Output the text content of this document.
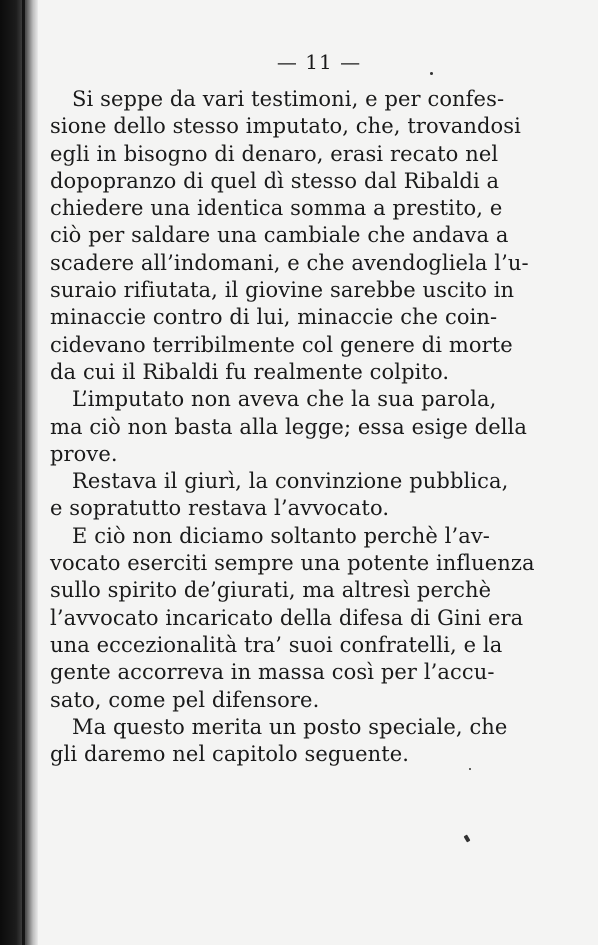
— 11 —
Si seppe da vari testimoni, e per confes-
sione dello stesso imputato, che, trovandosi
egli in bisogno di denaro, erasi recato nel
dopopranzo di quel dì stesso dal Ribaldi a
chiedere una identica somma a prestito, e
ciò per saldare una cambiale che andava a
scadere all’indomani, e che avendogliela l’u-
suraio rifiutata, il giovine sarebbe uscito in
minaccie contro di lui, minaccie che coin-
cidevano terribilmente col genere di morte
da cui il Ribaldi fu realmente colpito.
L’imputato non aveva che la sua parola,
ma ciò non basta alla legge; essa esige della
prove.
Restava il giurì, la convinzione pubblica,
e sopratutto restava l’avvocato.
E ciò non diciamo soltanto perchè l’av-
vocato eserciti sempre una potente influenza
sullo spirito de’giurati, ma altresì perchè
l’avvocato incaricato della difesa di Gini era
una eccezionalità tra’ suoi confratelli, e la
gente accorreva in massa così per l’accu-
sato, come pel difensore.
Ma questo merita un posto speciale, che
gli daremo nel capitolo seguente.
